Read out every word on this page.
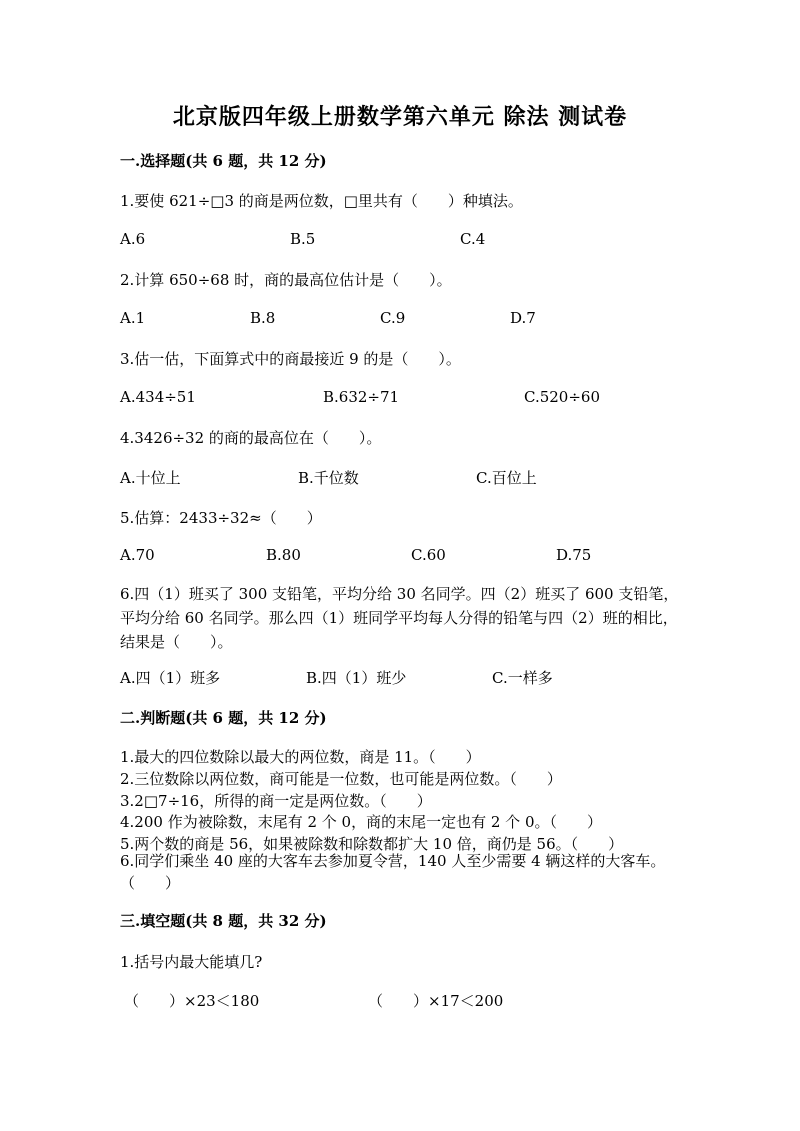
北京版四年级上册数学第六单元 除法 测试卷
一.选择题(共 6 题，共 12 分)
1.要使 621÷□3 的商是两位数，□里共有（　　）种填法。
A.6	B.5	C.4
2.计算 650÷68 时，商的最高位估计是（　　）。
A.1	B.8	C.9	D.7
3.估一估，下面算式中的商最接近 9 的是（　　）。
A.434÷51	B.632÷71	C.520÷60
4.3426÷32 的商的最高位在（　　）。
A.十位上	B.千位数	C.百位上
5.估算：2433÷32≈（　　）
A.70	B.80	C.60	D.75
6.四（1）班买了 300 支铅笔，平均分给 30 名同学。四（2）班买了 600 支铅笔，平均分给 60 名同学。那么四（1）班同学平均每人分得的铅笔与四（2）班的相比，结果是（　　）。
A.四（1）班多	B.四（1）班少	C.一样多
二.判断题(共 6 题，共 12 分)
1.最大的四位数除以最大的两位数，商是 11。（　　）
2.三位数除以两位数，商可能是一位数，也可能是两位数。（　　）
3.2□7÷16，所得的商一定是两位数。（　　）
4.200 作为被除数，末尾有 2 个 0，商的末尾一定也有 2 个 0。（　　）
5.两个数的商是 56，如果被除数和除数都扩大 10 倍，商仍是 56。（　　）
6.同学们乘坐 40 座的大客车去参加夏令营，140 人至少需要 4 辆这样的大客车。（　　）
三.填空题(共 8 题，共 32 分)
1.括号内最大能填几?
（　　）×23＜180	（　　）×17＜200
